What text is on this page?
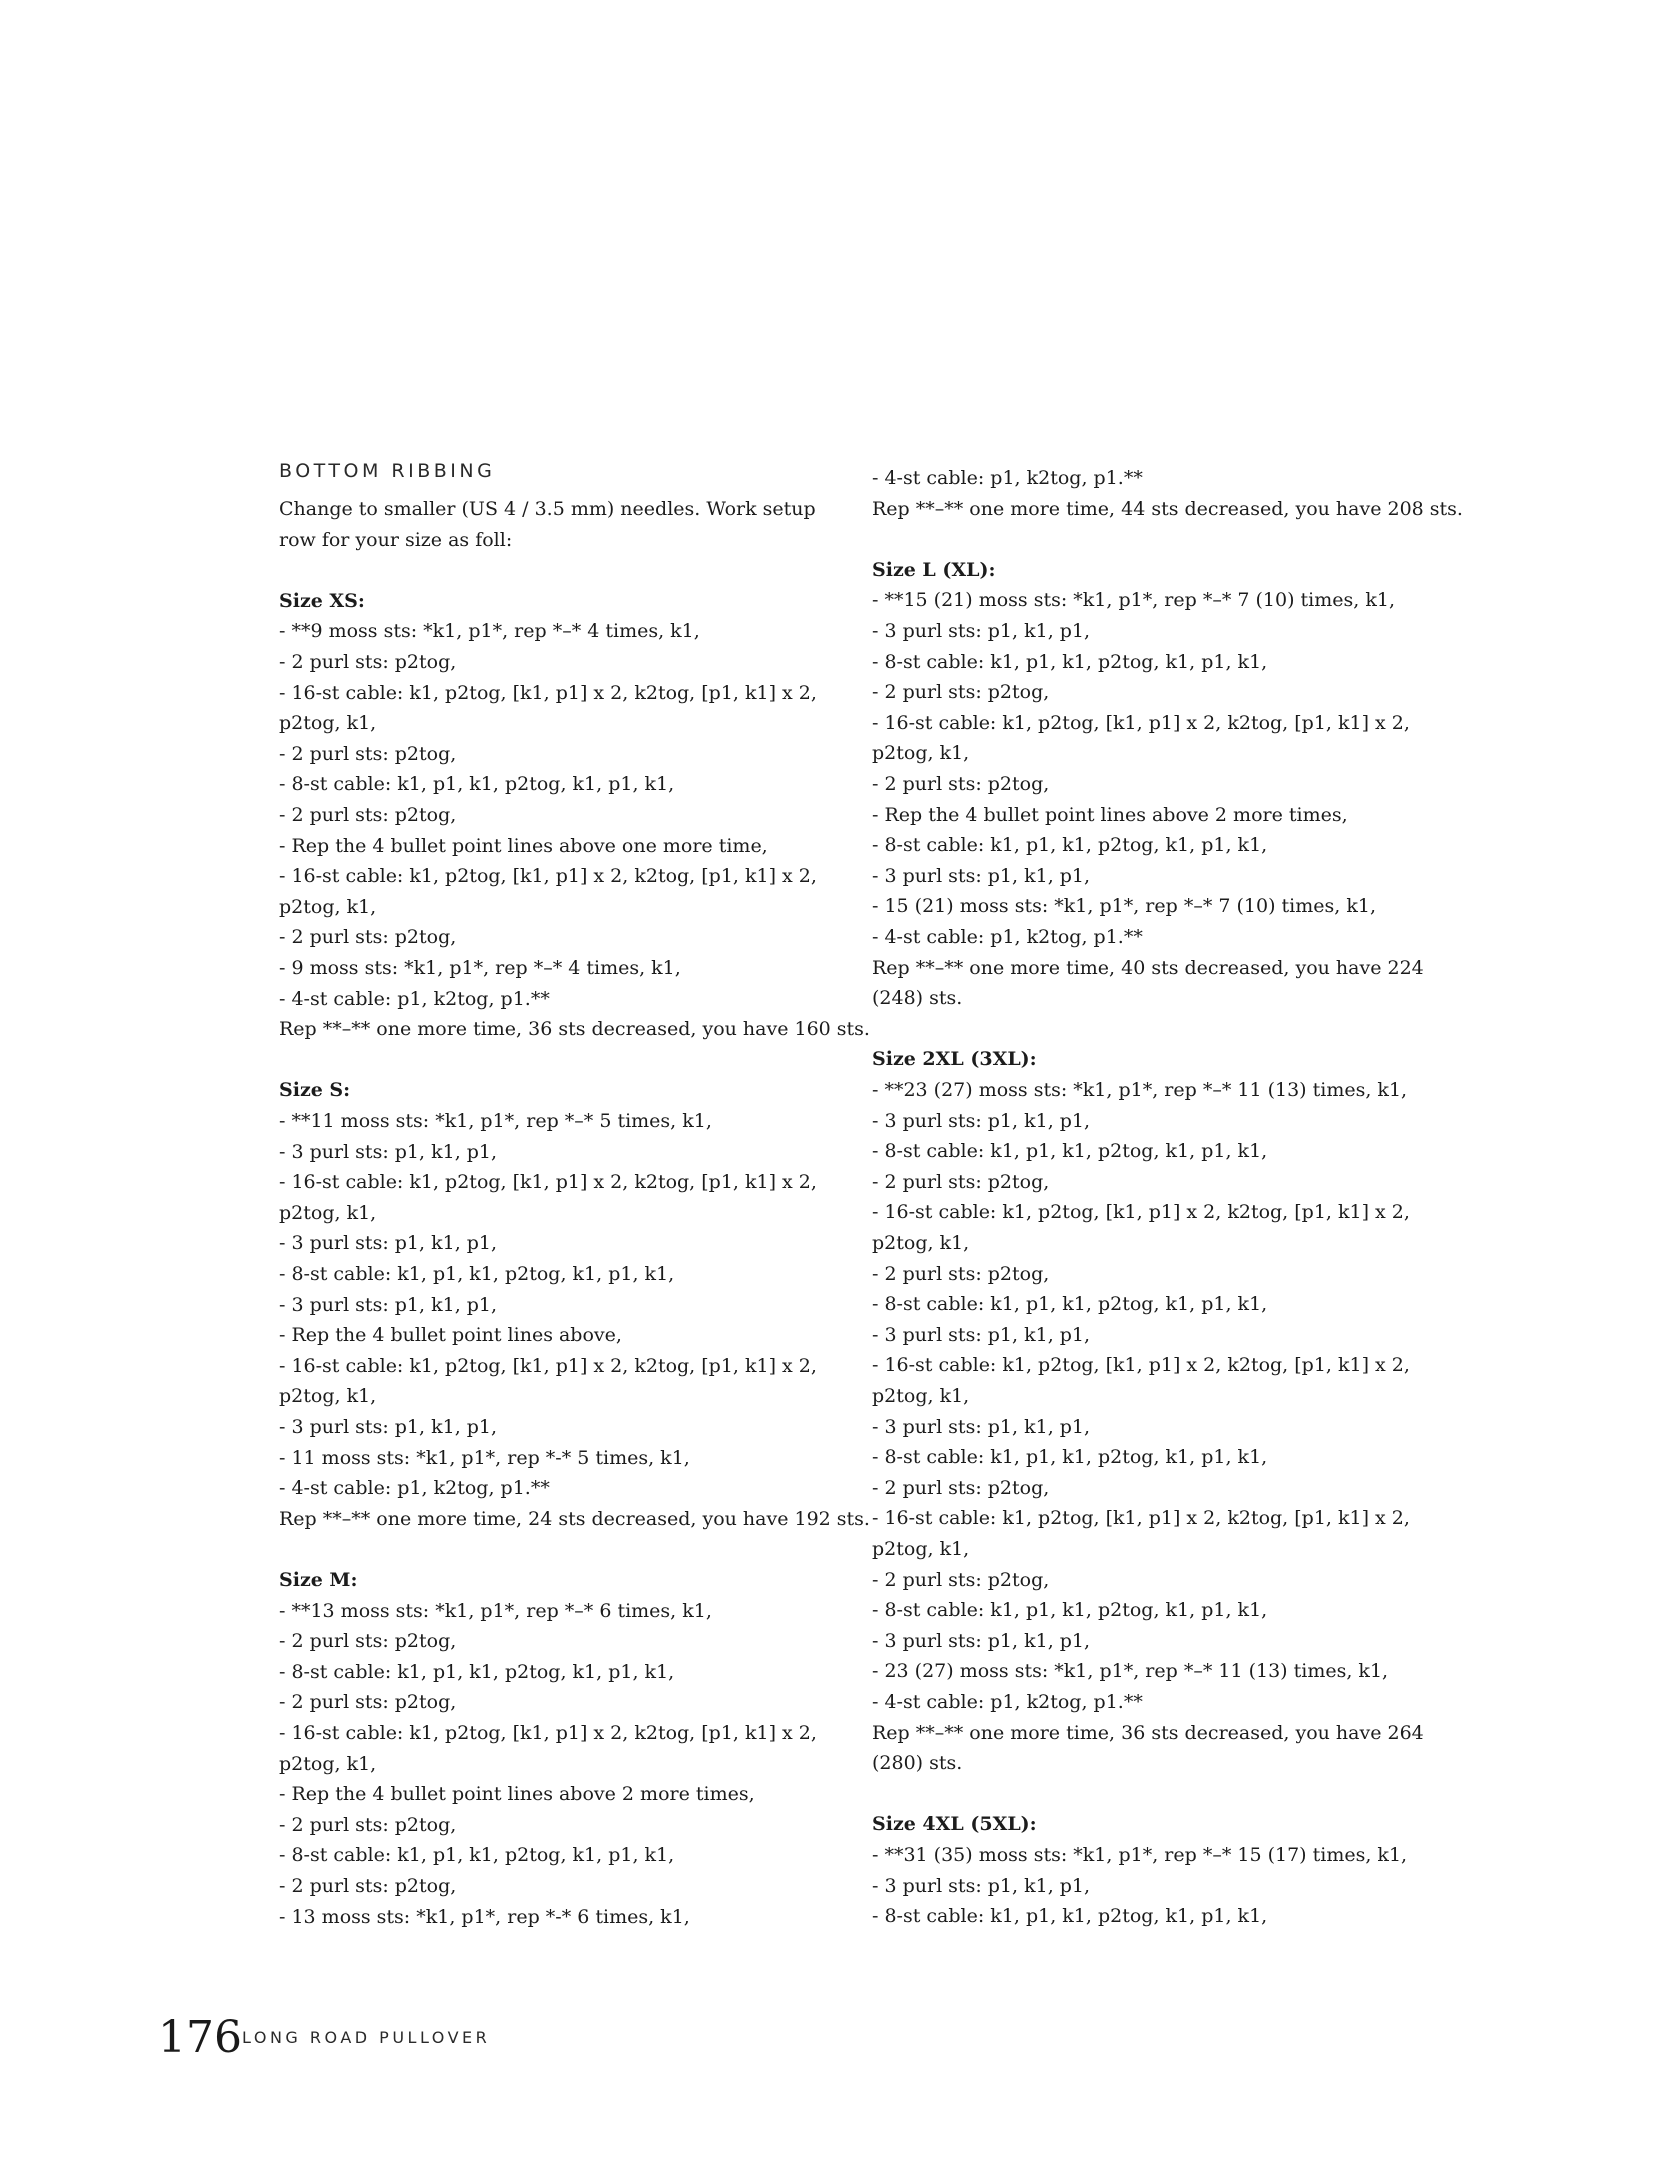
BOTTOM RIBBING
Change to smaller (US 4 / 3.5 mm) needles. Work setup
row for your size as foll:
Size XS:
- **9 moss sts: *k1, p1*, rep *–* 4 times, k1,
- 2 purl sts: p2tog,
- 16-st cable: k1, p2tog, [k1, p1] x 2, k2tog, [p1, k1] x 2,
p2tog, k1,
- 2 purl sts: p2tog,
- 8-st cable: k1, p1, k1, p2tog, k1, p1, k1,
- 2 purl sts: p2tog,
- Rep the 4 bullet point lines above one more time,
- 16-st cable: k1, p2tog, [k1, p1] x 2, k2tog, [p1, k1] x 2,
p2tog, k1,
- 2 purl sts: p2tog,
- 9 moss sts: *k1, p1*, rep *–* 4 times, k1,
- 4-st cable: p1, k2tog, p1.**
Rep **–** one more time, 36 sts decreased, you have 160 sts.
Size S:
- **11 moss sts: *k1, p1*, rep *–* 5 times, k1,
- 3 purl sts: p1, k1, p1,
- 16-st cable: k1, p2tog, [k1, p1] x 2, k2tog, [p1, k1] x 2,
p2tog, k1,
- 3 purl sts: p1, k1, p1,
- 8-st cable: k1, p1, k1, p2tog, k1, p1, k1,
- 3 purl sts: p1, k1, p1,
- Rep the 4 bullet point lines above,
- 16-st cable: k1, p2tog, [k1, p1] x 2, k2tog, [p1, k1] x 2,
p2tog, k1,
- 3 purl sts: p1, k1, p1,
- 11 moss sts: *k1, p1*, rep *-* 5 times, k1,
- 4-st cable: p1, k2tog, p1.**
Rep **–** one more time, 24 sts decreased, you have 192 sts.
Size M:
- **13 moss sts: *k1, p1*, rep *–* 6 times, k1,
- 2 purl sts: p2tog,
- 8-st cable: k1, p1, k1, p2tog, k1, p1, k1,
- 2 purl sts: p2tog,
- 16-st cable: k1, p2tog, [k1, p1] x 2, k2tog, [p1, k1] x 2,
p2tog, k1,
- Rep the 4 bullet point lines above 2 more times,
- 2 purl sts: p2tog,
- 8-st cable: k1, p1, k1, p2tog, k1, p1, k1,
- 2 purl sts: p2tog,
- 13 moss sts: *k1, p1*, rep *-* 6 times, k1,
- 4-st cable: p1, k2tog, p1.**
Rep **–** one more time, 44 sts decreased, you have 208 sts.
Size L (XL):
- **15 (21) moss sts: *k1, p1*, rep *–* 7 (10) times, k1,
- 3 purl sts: p1, k1, p1,
- 8-st cable: k1, p1, k1, p2tog, k1, p1, k1,
- 2 purl sts: p2tog,
- 16-st cable: k1, p2tog, [k1, p1] x 2, k2tog, [p1, k1] x 2,
p2tog, k1,
- 2 purl sts: p2tog,
- Rep the 4 bullet point lines above 2 more times,
- 8-st cable: k1, p1, k1, p2tog, k1, p1, k1,
- 3 purl sts: p1, k1, p1,
- 15 (21) moss sts: *k1, p1*, rep *–* 7 (10) times, k1,
- 4-st cable: p1, k2tog, p1.**
Rep **–** one more time, 40 sts decreased, you have 224
(248) sts.
Size 2XL (3XL):
- **23 (27) moss sts: *k1, p1*, rep *–* 11 (13) times, k1,
- 3 purl sts: p1, k1, p1,
- 8-st cable: k1, p1, k1, p2tog, k1, p1, k1,
- 2 purl sts: p2tog,
- 16-st cable: k1, p2tog, [k1, p1] x 2, k2tog, [p1, k1] x 2,
p2tog, k1,
- 2 purl sts: p2tog,
- 8-st cable: k1, p1, k1, p2tog, k1, p1, k1,
- 3 purl sts: p1, k1, p1,
- 16-st cable: k1, p2tog, [k1, p1] x 2, k2tog, [p1, k1] x 2,
p2tog, k1,
- 3 purl sts: p1, k1, p1,
- 8-st cable: k1, p1, k1, p2tog, k1, p1, k1,
- 2 purl sts: p2tog,
- 16-st cable: k1, p2tog, [k1, p1] x 2, k2tog, [p1, k1] x 2,
p2tog, k1,
- 2 purl sts: p2tog,
- 8-st cable: k1, p1, k1, p2tog, k1, p1, k1,
- 3 purl sts: p1, k1, p1,
- 23 (27) moss sts: *k1, p1*, rep *–* 11 (13) times, k1,
- 4-st cable: p1, k2tog, p1.**
Rep **–** one more time, 36 sts decreased, you have 264
(280) sts.
Size 4XL (5XL):
- **31 (35) moss sts: *k1, p1*, rep *–* 15 (17) times, k1,
- 3 purl sts: p1, k1, p1,
- 8-st cable: k1, p1, k1, p2tog, k1, p1, k1,
176 LONG ROAD PULLOVER
